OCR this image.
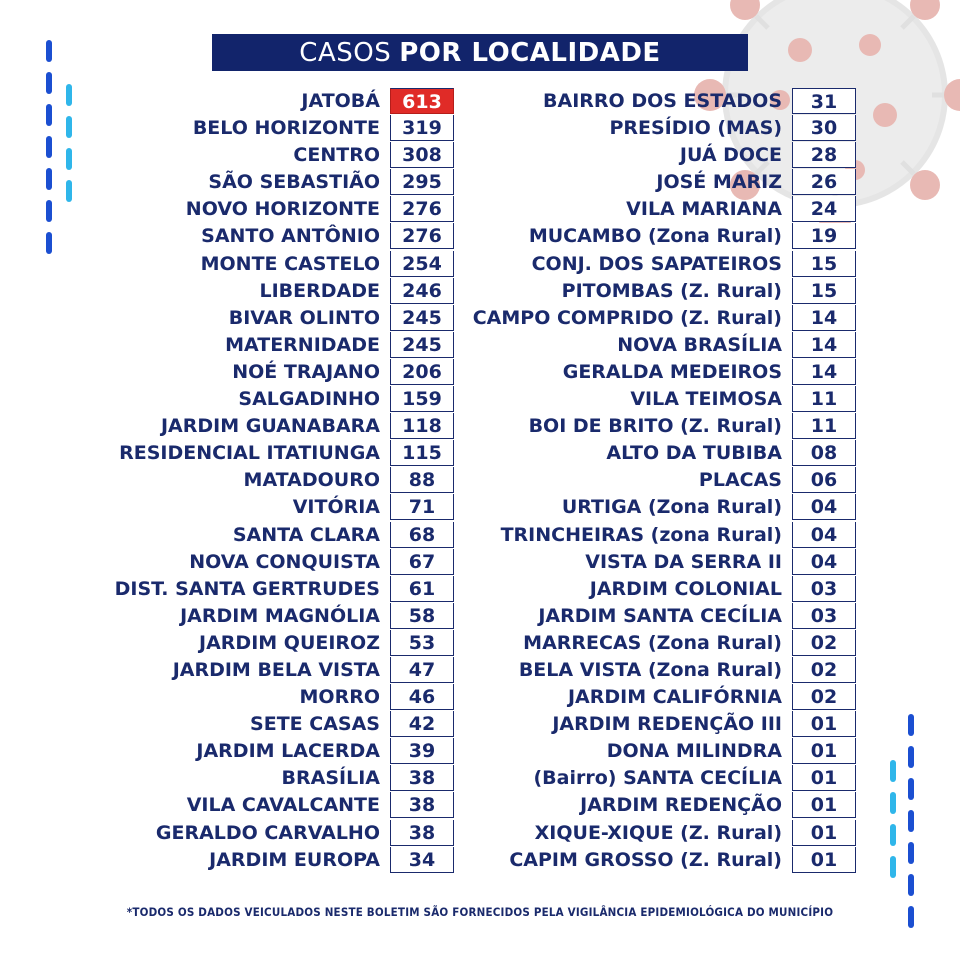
CASOS POR LOCALIDADE
JATOBÁ	613
BELO HORIZONTE	319
CENTRO	308
SÃO SEBASTIÃO	295
NOVO HORIZONTE	276
SANTO ANTÔNIO	276
MONTE CASTELO	254
LIBERDADE	246
BIVAR OLINTO	245
MATERNIDADE	245
NOÉ TRAJANO	206
SALGADINHO	159
JARDIM GUANABARA	118
RESIDENCIAL ITATIUNGA	115
MATADOURO	88
VITÓRIA	71
SANTA CLARA	68
NOVA CONQUISTA	67
DIST. SANTA GERTRUDES	61
JARDIM MAGNÓLIA	58
JARDIM QUEIROZ	53
JARDIM BELA VISTA	47
MORRO	46
SETE CASAS	42
JARDIM LACERDA	39
BRASÍLIA	38
VILA CAVALCANTE	38
GERALDO CARVALHO	38
JARDIM EUROPA	34
BAIRRO DOS ESTADOS	31
PRESÍDIO (MAS)	30
JUÁ DOCE	28
JOSÉ MARIZ	26
VILA MARIANA	24
MUCAMBO (Zona Rural)	19
CONJ. DOS SAPATEIROS	15
PITOMBAS (Z. Rural)	15
CAMPO COMPRIDO (Z. Rural)	14
NOVA BRASÍLIA	14
GERALDA MEDEIROS	14
VILA TEIMOSA	11
BOI DE BRITO (Z. Rural)	11
ALTO DA TUBIBA	08
PLACAS	06
URTIGA (Zona Rural)	04
TRINCHEIRAS (zona Rural)	04
VISTA DA SERRA II	04
JARDIM COLONIAL	03
JARDIM SANTA CECÍLIA	03
MARRECAS (Zona Rural)	02
BELA VISTA (Zona Rural)	02
JARDIM CALIFÓRNIA	02
JARDIM REDENÇÃO III	01
DONA MILINDRA	01
(Bairro) SANTA CECÍLIA	01
JARDIM REDENÇÃO	01
XIQUE-XIQUE (Z. Rural)	01
CAPIM GROSSO (Z. Rural)	01
*TODOS OS DADOS VEICULADOS NESTE BOLETIM SÃO FORNECIDOS PELA VIGILÂNCIA EPIDEMIOLÓGICA DO MUNICÍPIO
